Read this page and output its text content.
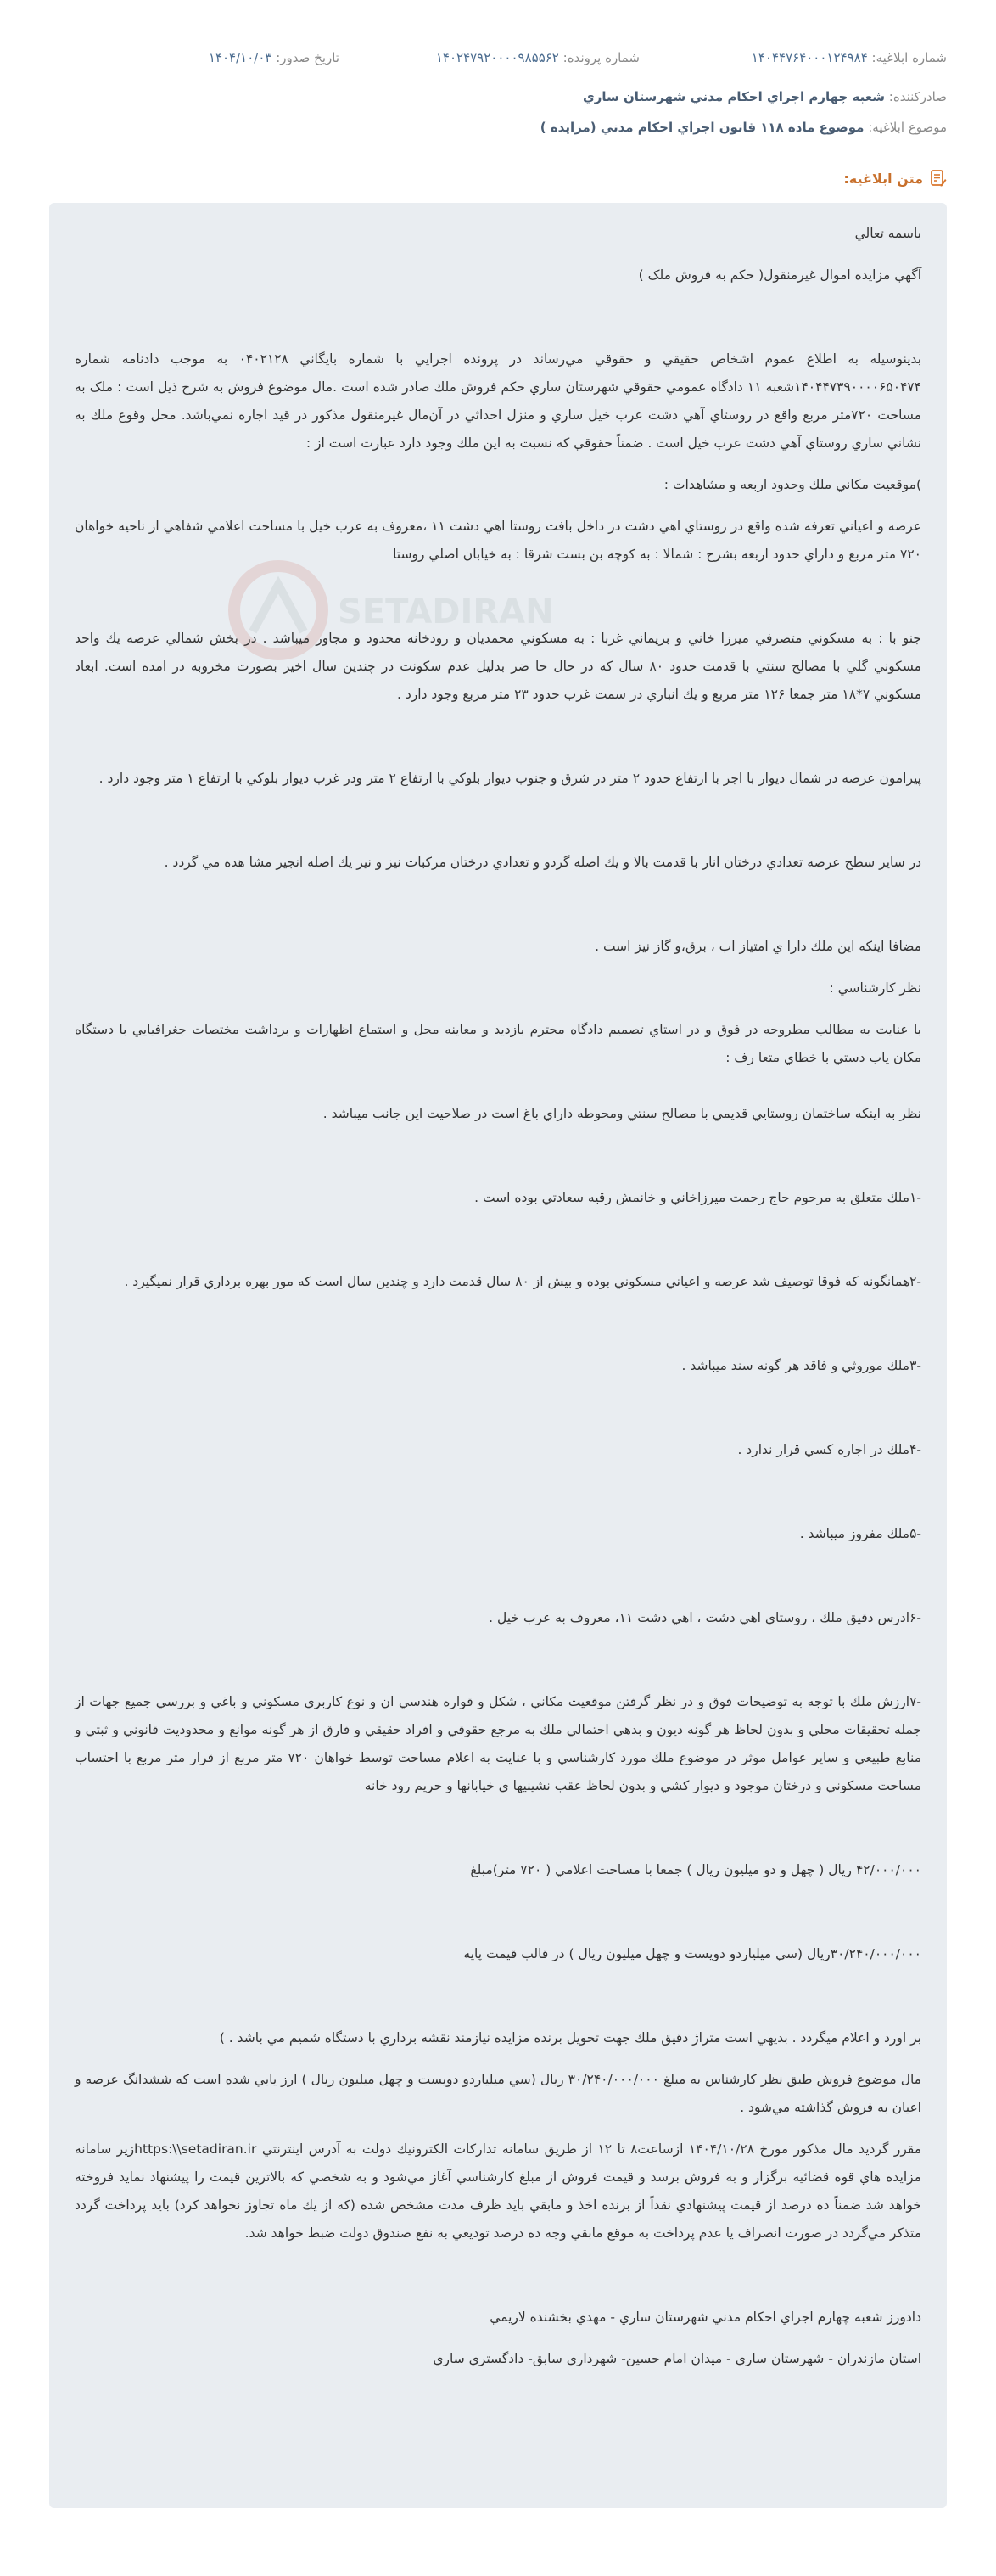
شماره ابلاغيه: ۱۴۰۴۴۷۶۴۰۰۰۱۲۴۹۸۴
شماره پرونده: ۱۴۰۲۴۷۹۲۰۰۰۰۹۸۵۵۶۲
تاريخ صدور: ۱۴۰۴/۱۰/۰۳
صادرکننده: شعبه چهارم اجراي احكام مدني شهرستان ساري
موضوع ابلاغيه: موضوع ماده ۱۱۸ قانون اجراي احكام مدني (مزايده )
متن ابلاغيه:
SETADIRAN

باسمه تعالي

آگهي مزايده اموال غيرمنقول( حكم به فروش ملک )

بدينوسيله به اطلاع عموم اشخاص حقيقي و حقوقي مي‌رساند در پرونده اجرايي با شماره بايگاني ۰۴۰۲۱۲۸ به موجب دادنامه شماره ۱۴۰۴۴۷۳۹۰۰۰۰۶۵۰۴۷۴شعبه ۱۱ دادگاه عمومي حقوقي شهرستان ساري حكم فروش ملك صادر شده است .مال موضوع فروش به شرح ذيل است : ملک به مساحت ۷۲۰متر مربع واقع در روستاي آهي دشت عرب خيل ساري و منزل احداثي در آن‌مال غيرمنقول مذكور در قيد اجاره نمي‌باشد. محل وقوع ملك به نشاني ساري روستاي آهي دشت عرب خيل است . ضمناً حقوقي كه نسبت به اين ملك وجود دارد عبارت است از :

)موقعيت مكاني ملك وحدود اربعه و مشاهدات :

عرصه و اعياني تعرفه شده واقع در روستاي اهي دشت در داخل بافت روستا اهي دشت ۱۱ ،معروف به عرب خيل با مساحت اعلامي شفاهي از ناحيه خواهان ۷۲۰ متر مربع و داراي حدود اربعه بشرح : شمالا : به كوچه بن بست شرقا : به خيابان اصلي روستا

جنو با : به مسكوني متصرفي ميرزا خاني و بريماني غربا : به مسكوني محمديان و رودخانه محدود و مجاور ميباشد . در بخش شمالي عرصه يك واحد مسكوني گلي با مصالح سنتي با قدمت حدود ۸۰ سال كه در حال حا ضر بدليل عدم سكونت در چندين سال اخير بصورت مخروبه در امده است. ابعاد مسكوني ۷*۱۸ متر جمعا ۱۲۶ متر مربع و يك انباري در سمت غرب حدود ۲۳ متر مربع وجود دارد .

پيرامون عرصه در شمال ديوار با اجر با ارتفاع حدود ۲ متر در شرق و جنوب ديوار بلوكي با ارتفاع ۲ متر ودر غرب ديوار بلوكي با ارتفاع ۱ متر وجود دارد .

در ساير سطح عرصه تعدادي درختان انار با قدمت بالا و يك اصله گردو و تعدادي درختان مركبات نيز و نيز يك اصله انجير مشا هده مي گردد .

مضافا اينكه اين ملك دارا ي امتياز اب ، برق،و گاز نيز است .

نظر كارشناسي :

با عنايت به مطالب مطروحه در فوق و در استاي تصميم دادگاه محترم بازديد و معاينه محل و استماع اظهارات و برداشت مختصات جغرافيايي با دستگاه مكان ياب دستي با خطاي متعا رف :

نظر به اينكه ساختمان روستايي قديمي با مصالح سنتي ومحوطه داراي باغ است در صلاحيت اين جانب ميباشد .

-۱ملك متعلق به مرحوم حاج رحمت ميرزاخاني و خانمش رقيه سعادتي بوده است .

-۲همانگونه كه فوقا توصيف شد عرصه و اعياني مسكوني بوده و بيش از ۸۰ سال قدمت دارد و چندين سال است كه مور بهره برداري قرار نميگيرد .

-۳ملك موروثي و فاقد هر گونه سند ميباشد .

-۴ملك در اجاره كسي قرار ندارد .

-۵ملك مفروز ميباشد .

-۶ادرس دقيق ملك ، روستاي اهي دشت ، اهي دشت ۱۱، معروف به عرب خيل .

-۷ارزش ملك با توجه به توضيحات فوق و در نظر گرفتن موقعيت مكاني ، شكل و قواره هندسي ان و نوع كاربري مسكوني و باغي و بررسي جميع جهات از جمله تحقيقات محلي و بدون لحاظ هر گونه ديون و بدهي احتمالي ملك به مرجع حقوقي و افراد حقيقي و فارق از هر گونه موانع و محدوديت قانوني و ثبتي و منابع طبيعي و ساير عوامل موثر در موضوع ملك مورد كارشناسي و با عنايت به اعلام مساحت توسط خواهان ۷۲۰ متر مربع از قرار متر مربع با احتساب مساحت مسكوني و درختان موجود و ديوار كشي و بدون لحاظ عقب نشينيها ي خيابانها و حريم رود خانه

۴۲/۰۰۰/۰۰۰ ريال ( چهل و دو ميليون ريال ) جمعا با مساحت اعلامي ( ۷۲۰ متر)مبلغ

۳۰/۲۴۰/۰۰۰/۰۰۰ريال (سي ميلياردو دويست و چهل ميليون ريال ) در قالب قيمت پايه

بر اورد و اعلام ميگردد . بديهي است متراژ دقيق ملك جهت تحويل برنده مزايده نيازمند نقشه برداري با دستگاه شميم مي باشد . )

مال موضوع فروش طبق نظر كارشناس به مبلغ ۳۰/۲۴۰/۰۰۰/۰۰۰ ريال (سي ميلياردو دويست و چهل ميليون ريال ) ارز يابي شده است كه ششدانگ عرصه و اعيان به فروش گذاشته مي‌شود .

مقرر گرديد مال مذكور مورخ ۱۴۰۴/۱۰/۲۸ ازساعت۸ تا ۱۲ از طريق سامانه تداركات الكترونيك دولت به آدرس اينترنتي https:\\setadiran.irزير سامانه مزايده هاي قوه قضائيه برگزار و به فروش برسد و قيمت فروش از مبلغ كارشناسي آغاز مي‌شود و به شخصي كه بالاترين قيمت را پيشنهاد نمايد فروخته خواهد شد ضمناً ده درصد از قيمت پيشنهادي نقداً از برنده اخذ و مابقي بايد ظرف مدت مشخص شده (كه از يك ماه تجاوز نخواهد كرد) بايد پرداخت گردد متذكر مي‌گردد در صورت انصراف يا عدم پرداخت به موقع مابقي وجه ده درصد توديعي به نفع صندوق دولت ضبط خواهد شد.

دادورز شعبه چهارم اجراي احكام مدني شهرستان ساري - مهدي بخشنده لاريمي

استان مازندران - شهرستان ساري - ميدان امام حسين- شهرداري سابق- دادگستري ساري
